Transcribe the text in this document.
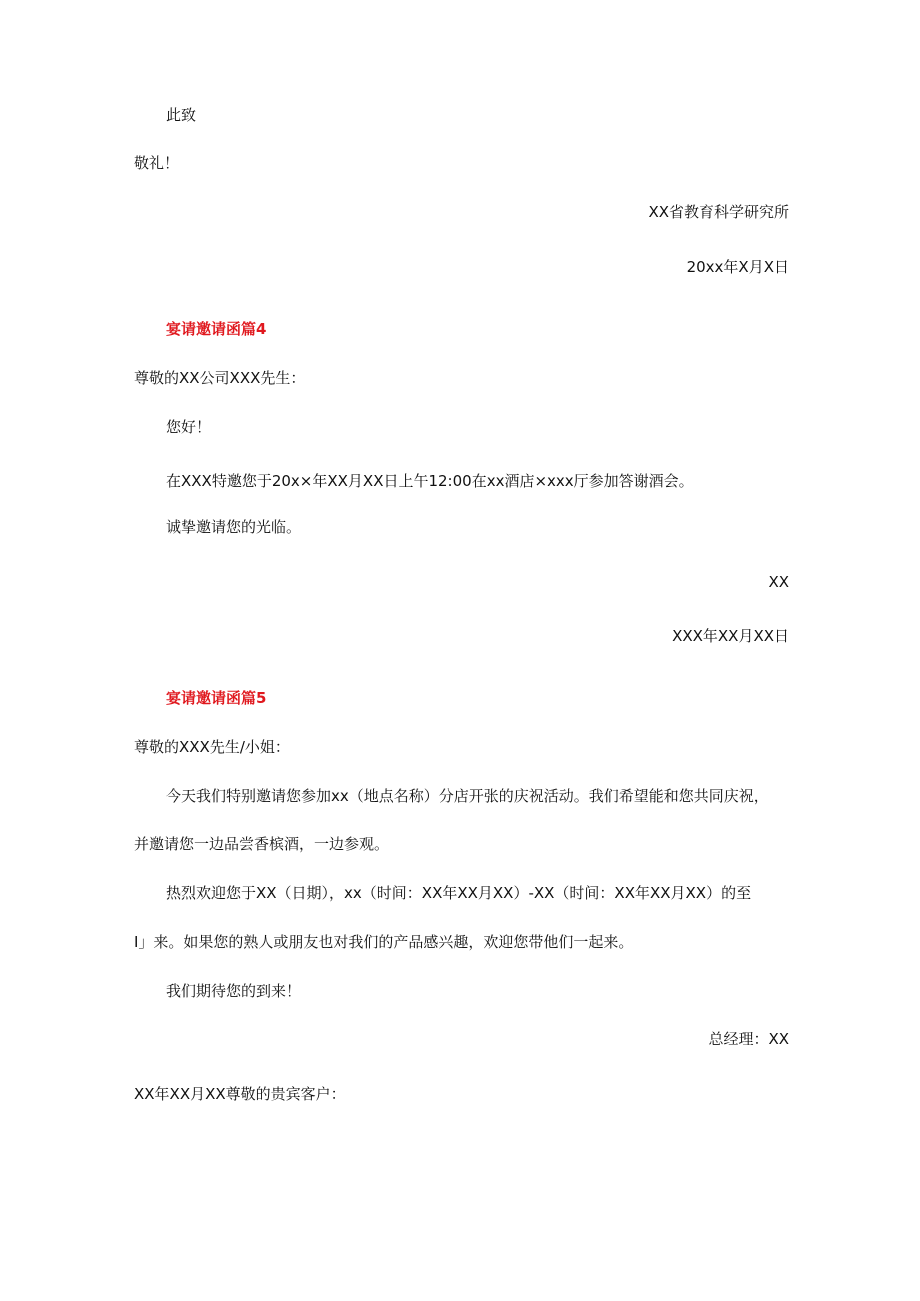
此致
敬礼！
XX省教育科学研究所
20xx年X月X日
宴请邀请函篇4
尊敬的XX公司XXX先生：
您好！
在XXX特邀您于20x×年XX月XX日上午12:00在xx酒店×xxx厅参加答谢酒会。
诚挚邀请您的光临。
XX
XXX年XX月XX日
宴请邀请函篇5
尊敬的XXX先生/小姐：
今天我们特别邀请您参加xx（地点名称）分店开张的庆祝活动。我们希望能和您共同庆祝，
并邀请您一边品尝香槟酒，一边参观。
热烈欢迎您于XX（日期），xx（时间：XX年XX月XX）-XX（时间：XX年XX月XX）的至
I」来。如果您的熟人或朋友也对我们的产品感兴趣，欢迎您带他们一起来。
我们期待您的到来！
总经理：XX
XX年XX月XX尊敬的贵宾客户：
